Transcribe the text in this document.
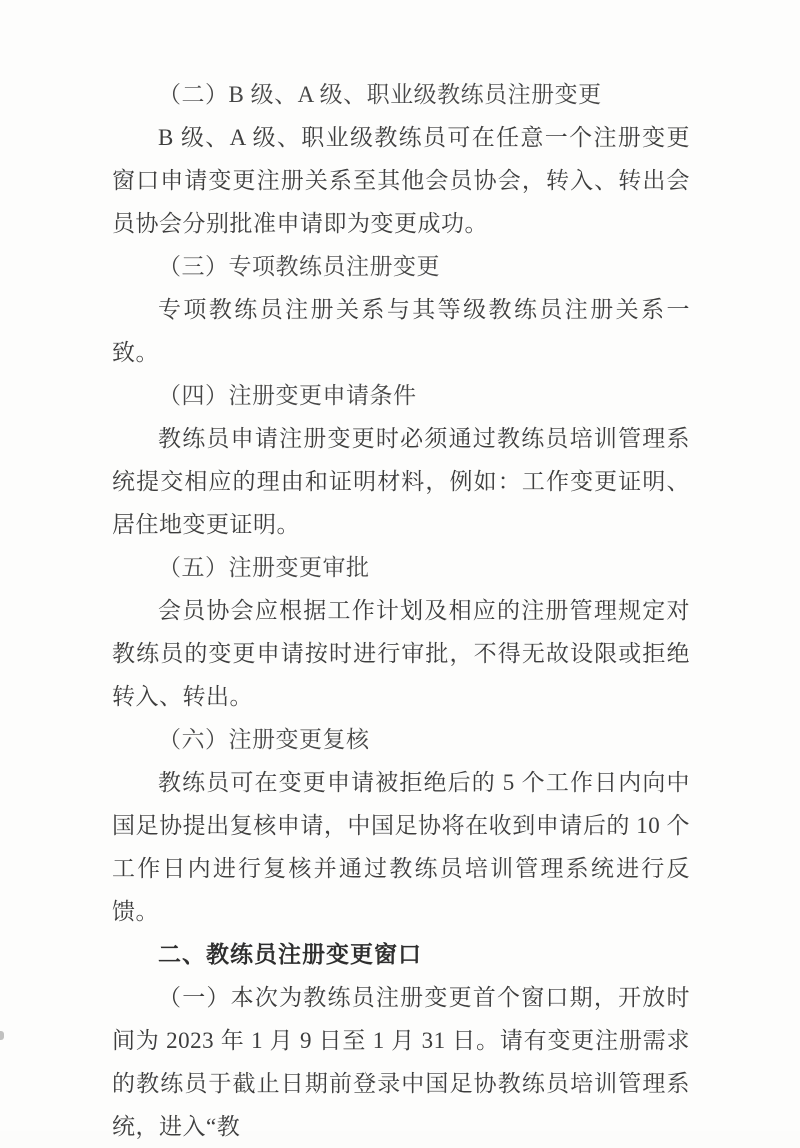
（二）B 级、A 级、职业级教练员注册变更

B 级、A 级、职业级教练员可在任意一个注册变更窗口申请变更注册关系至其他会员协会，转入、转出会员协会分别批准申请即为变更成功。

（三）专项教练员注册变更

专项教练员注册关系与其等级教练员注册关系一致。

（四）注册变更申请条件

教练员申请注册变更时必须通过教练员培训管理系统提交相应的理由和证明材料，例如：工作变更证明、居住地变更证明。

（五）注册变更审批

会员协会应根据工作计划及相应的注册管理规定对教练员的变更申请按时进行审批，不得无故设限或拒绝转入、转出。

（六）注册变更复核

教练员可在变更申请被拒绝后的 5 个工作日内向中国足协提出复核申请，中国足协将在收到申请后的 10 个工作日内进行复核并通过教练员培训管理系统进行反馈。

二、教练员注册变更窗口

（一）本次为教练员注册变更首个窗口期，开放时间为 2023 年 1 月 9 日至 1 月 31 日。请有变更注册需求的教练员于截止日期前登录中国足协教练员培训管理系统，进入“教
